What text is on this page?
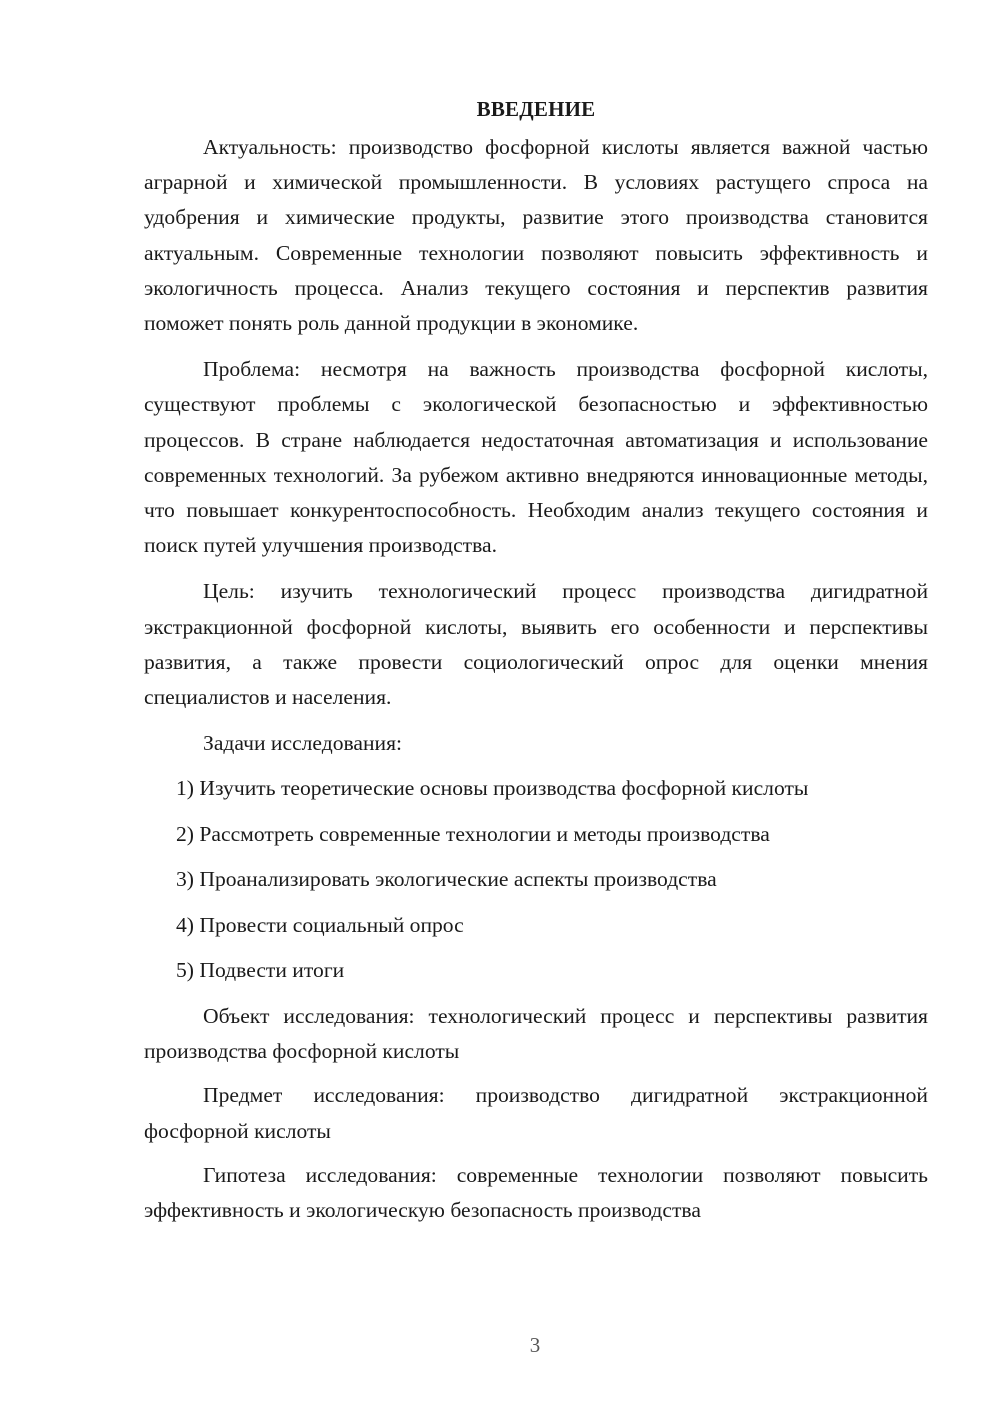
ВВЕДЕНИЕ

Актуальность: производство фосфорной кислоты является важной частью аграрной и химической промышленности. В условиях растущего спроса на удобрения и химические продукты, развитие этого производства становится актуальным. Современные технологии позволяют повысить эффективность и экологичность процесса. Анализ текущего состояния и перспектив развития поможет понять роль данной продукции в экономике.

Проблема: несмотря на важность производства фосфорной кислоты, существуют проблемы с экологической безопасностью и эффективностью процессов. В стране наблюдается недостаточная автоматизация и использование современных технологий. За рубежом активно внедряются инновационные методы, что повышает конкурентоспособность. Необходим анализ текущего состояния и поиск путей улучшения производства.

Цель: изучить технологический процесс производства дигидратной экстракционной фосфорной кислоты, выявить его особенности и перспективы развития, а также провести социологический опрос для оценки мнения специалистов и населения.

Задачи исследования:

1) Изучить теоретические основы производства фосфорной кислоты
2) Рассмотреть современные технологии и методы производства
3) Проанализировать экологические аспекты производства
4) Провести социальный опрос
5) Подвести итоги

Объект исследования: технологический процесс и перспективы развития производства фосфорной кислоты

Предмет исследования: производство дигидратной экстракционной фосфорной кислоты

Гипотеза исследования: современные технологии позволяют повысить эффективность и экологическую безопасность производства

3
